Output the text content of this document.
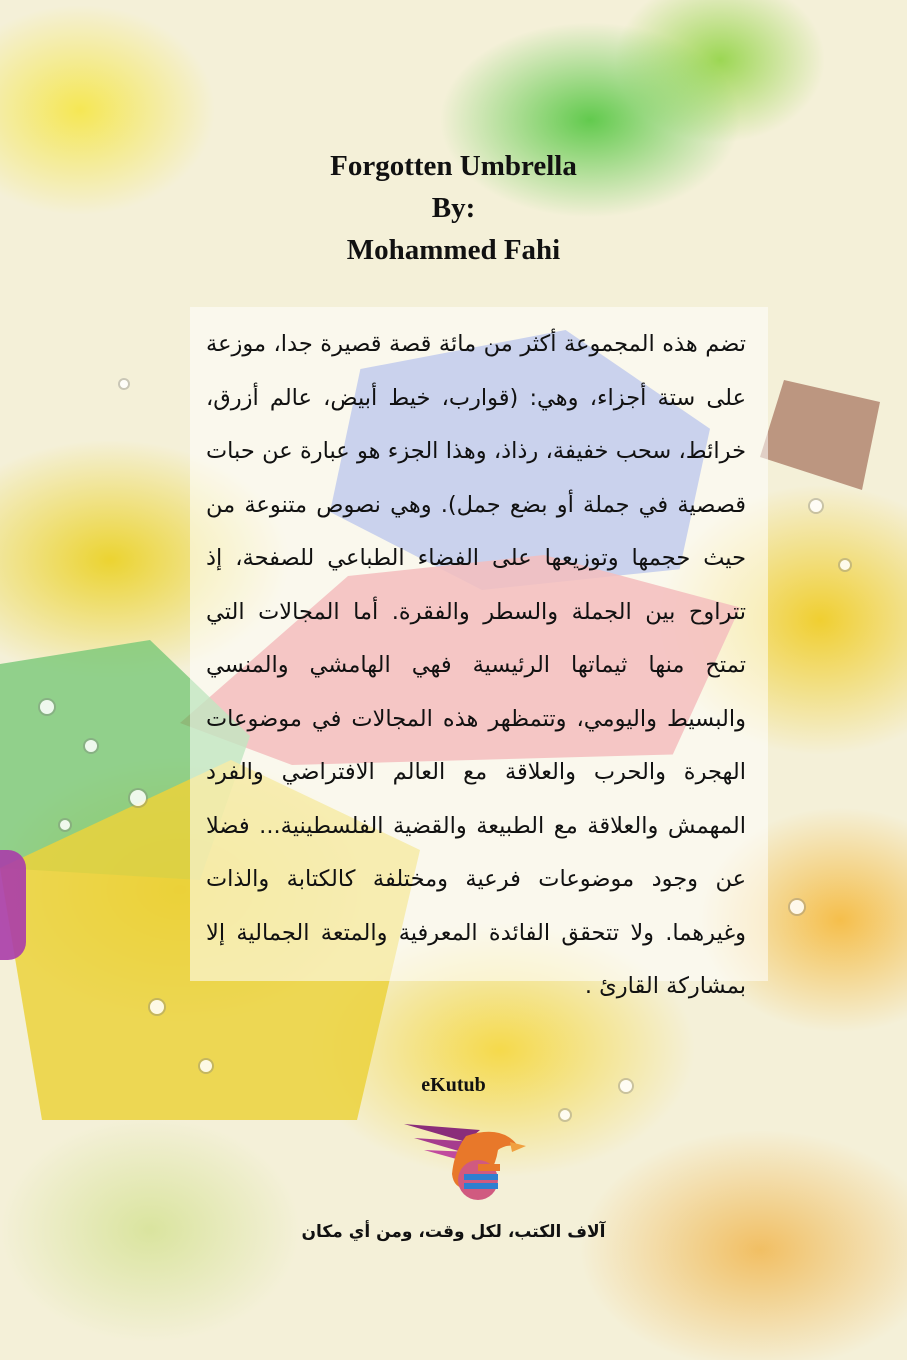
Forgotten Umbrella
By:
Mohammed Fahi

تضم هذه المجموعة أكثر من مائة قصة قصيرة جدا، موزعة على ستة أجزاء، وهي: (قوارب، خيط أبيض، عالم أزرق، خرائط، سحب خفيفة، رذاذ، وهذا الجزء هو عبارة عن حبات قصصية في جملة أو بضع جمل). وهي نصوص متنوعة من حيث حجمها وتوزيعها على الفضاء الطباعي للصفحة، إذ تتراوح بين الجملة والسطر والفقرة. أما المجالات التي تمتح منها ثيماتها الرئيسية فهي الهامشي والمنسي والبسيط واليومي، وتتمظهر هذه المجالات في موضوعات الهجرة والحرب والعلاقة مع العالم الافتراضي والفرد المهمش والعلاقة مع الطبيعة والقضية الفلسطينية... فضلا عن وجود موضوعات فرعية ومختلفة كالكتابة والذات وغيرهما. ولا تتحقق الفائدة المعرفية والمتعة الجمالية إلا بمشاركة القارئ .

eKutub
آلاف الكتب، لكل وقت، ومن أي مكان
